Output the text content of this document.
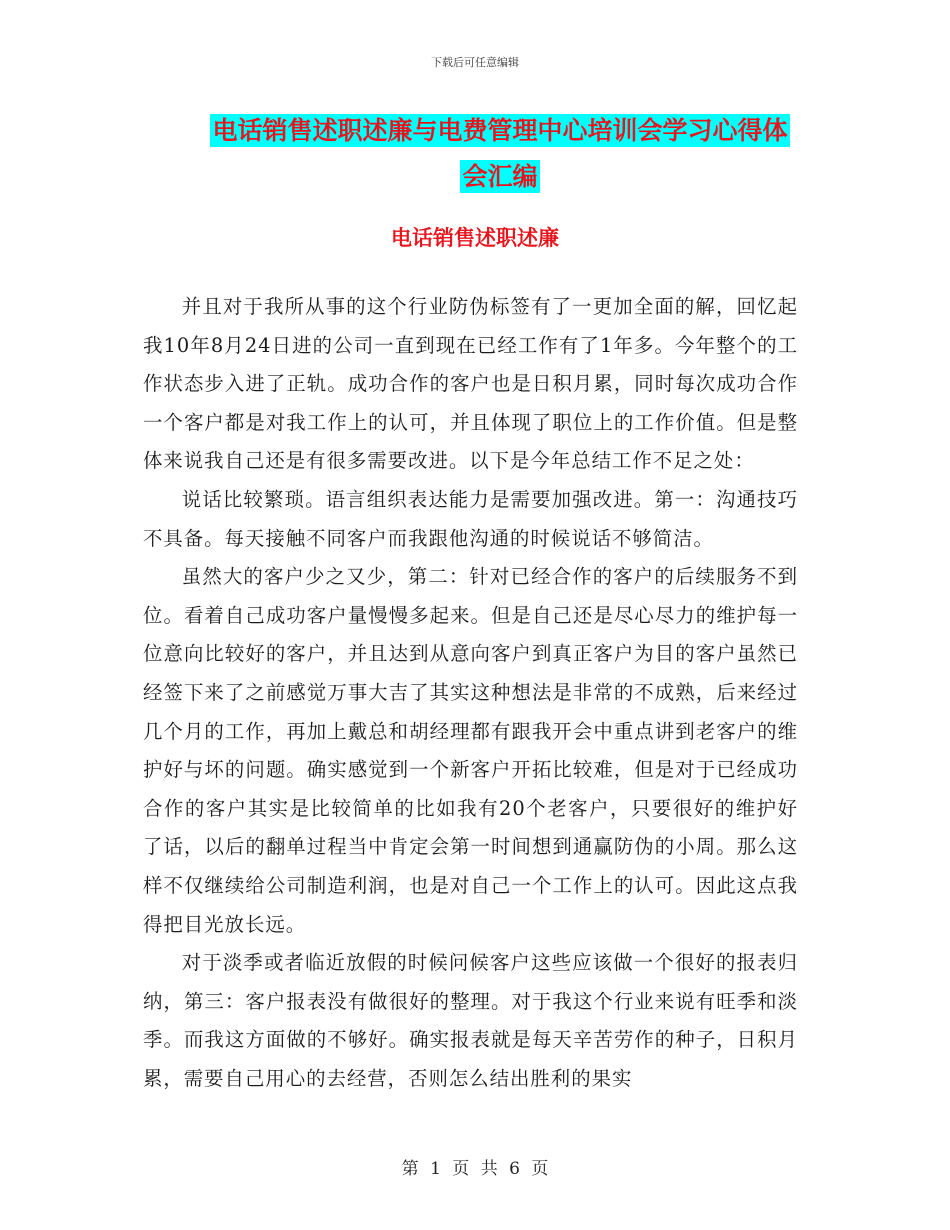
下载后可任意编辑
电话销售述职述廉与电费管理中心培训会学习心得体
会汇编
电话销售述职述廉

并且对于我所从事的这个行业防伪标签有了一更加全面的解，回忆起我10年8月24日进的公司一直到现在已经工作有了1年多。今年整个的工作状态步入进了正轨。成功合作的客户也是日积月累，同时每次成功合作一个客户都是对我工作上的认可，并且体现了职位上的工作价值。但是整体来说我自己还是有很多需要改进。以下是今年总结工作不足之处：

说话比较繁琐。语言组织表达能力是需要加强改进。第一：沟通技巧不具备。每天接触不同客户而我跟他沟通的时候说话不够简洁。

虽然大的客户少之又少，第二：针对已经合作的客户的后续服务不到位。看着自己成功客户量慢慢多起来。但是自己还是尽心尽力的维护每一位意向比较好的客户，并且达到从意向客户到真正客户为目的客户虽然已经签下来了之前感觉万事大吉了其实这种想法是非常的不成熟，后来经过几个月的工作，再加上戴总和胡经理都有跟我开会中重点讲到老客户的维护好与坏的问题。确实感觉到一个新客户开拓比较难，但是对于已经成功合作的客户其实是比较简单的比如我有20个老客户，只要很好的维护好了话，以后的翻单过程当中肯定会第一时间想到通赢防伪的小周。那么这样不仅继续给公司制造利润，也是对自己一个工作上的认可。因此这点我得把目光放长远。

对于淡季或者临近放假的时候问候客户这些应该做一个很好的报表归纳，第三：客户报表没有做很好的整理。对于我这个行业来说有旺季和淡季。而我这方面做的不够好。确实报表就是每天辛苦劳作的种子，日积月累，需要自己用心的去经营，否则怎么结出胜利的果实

第 1 页 共 6 页
